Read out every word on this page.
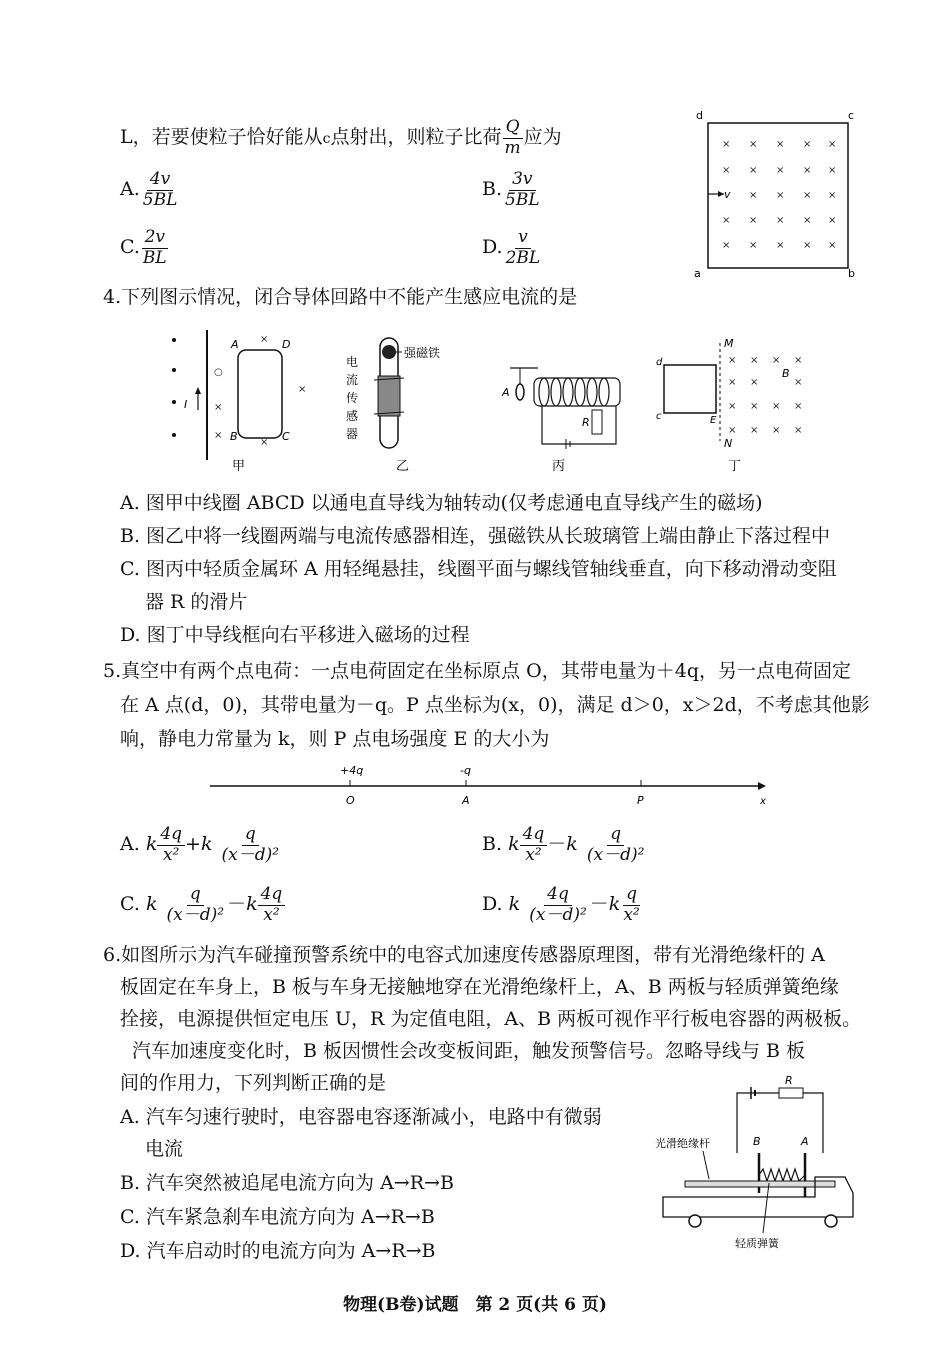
L，若要使粒子恰好能从c点射出，则粒子比荷 $\frac{Q}{m}$ 应为
A. $\frac{4v}{5BL}$	B. $\frac{3v}{5BL}$
C. $\frac{2v}{BL}$	D. $\frac{v}{2BL}$
d	c
a	b
× × × × ×
× × × × ×
× × × ×
× × × × ×
× × × × ×
v
4.下列图示情况，闭合导体回路中不能产生感应电流的是
I
○
×
×
×
×
×
A	D
B	C
甲
强磁铁
电
流
传
感
器
乙
A
R
丙
d
c
M
N
E
B
× × × ×
× ×	×
× × × ×
× × × ×
丁
A. 图甲中线圈 ABCD 以通电直导线为轴转动(仅考虑通电直导线产生的磁场)
B. 图乙中将一线圈两端与电流传感器相连，强磁铁从长玻璃管上端由静止下落过程中
C. 图丙中轻质金属环 A 用轻绳悬挂，线圈平面与螺线管轴线垂直，向下移动滑动变阻
器 R 的滑片
D. 图丁中导线框向右平移进入磁场的过程
5.真空中有两个点电荷：一点电荷固定在坐标原点 O，其带电量为＋4q，另一点电荷固定
在 A 点(d，0)，其带电量为－q。P 点坐标为(x，0)，满足 d＞0，x＞2d，不考虑其他影
响，静电力常量为 k，则 P 点电场强度 E 的大小为
+4q	-q
O	A	P	x
A. k $\frac{4q}{\text{x²}} +k \frac{q}{\text{(x－d)²}}$	B. k $\frac{4q}{\text{x²}} -k \frac{q}{\text{(x－d)²}}$
C. k $\frac{q}{\text{(x－d)²}} -k \frac{4q}{\text{x²}}$	D. k $\frac{4q}{\text{(x－d)²}} -k \frac{q}{\text{x²}}$
6.如图所示为汽车碰撞预警系统中的电容式加速度传感器原理图，带有光滑绝缘杆的 A
板固定在车身上，B 板与车身无接触地穿在光滑绝缘杆上，A、B 两板与轻质弹簧绝缘
拴接，电源提供恒定电压 U，R 为定值电阻，A、B 两板可视作平行板电容器的两极板。
汽车加速度变化时，B 板因惯性会改变板间距，触发预警信号。忽略导线与 B 板
间的作用力，下列判断正确的是
A. 汽车匀速行驶时，电容器电容逐渐减小，电路中有微弱
电流
B. 汽车突然被追尾电流方向为 A→R→B
C. 汽车紧急刹车电流方向为 A→R→B
D. 汽车启动时的电流方向为 A→R→B
R
B	A
光滑绝缘杆
轻质弹簧
物理(B卷)试题　第 2 页(共 6 页)
